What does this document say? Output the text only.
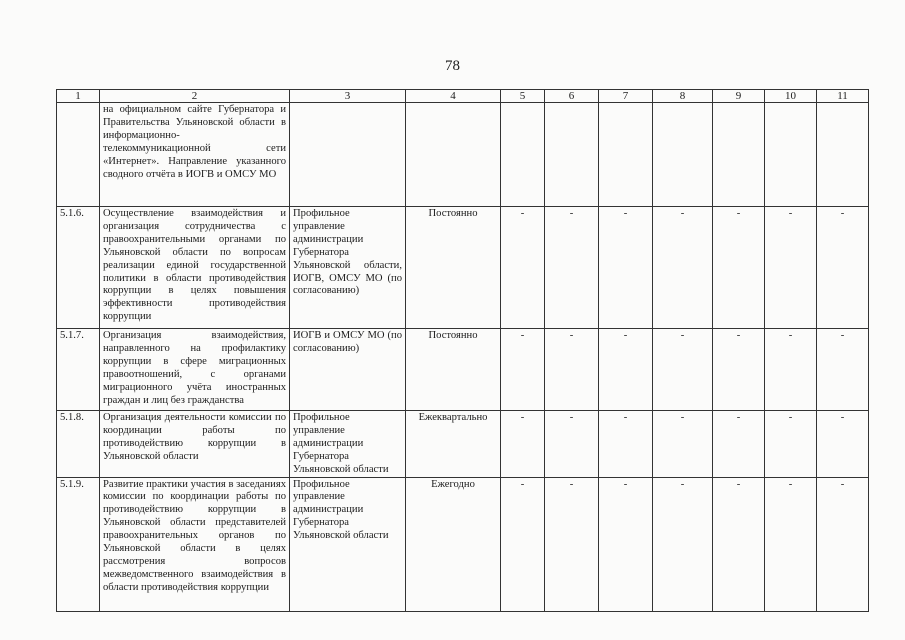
78
1	2	3	4	5	6	7	8	9	10	11
	на официальном сайте Губернатора и Правительства Ульяновской области в информационно-телекоммуникационной сети «Интернет». Направление указанного сводного отчёта в ИОГВ и ОМСУ МО									
5.1.6.	Осуществление взаимодействия и организация сотрудничества с правоохранительными органами по Ульяновской области по вопросам реализации единой государственной политики в области противодействия коррупции в целях повышения эффективности противодействия коррупции	Профильное управление администрации Губернатора Ульяновской области, ИОГВ, ОМСУ МО (по согласованию)	Постоянно	-	-	-	-	-	-	-
5.1.7.	Организация взаимодействия, направленного на профилактику коррупции в сфере миграционных правоотношений, с органами миграционного учёта иностранных граждан и лиц без гражданства	ИОГВ и ОМСУ МО (по согласованию)	Постоянно	-	-	-	-	-	-	-
5.1.8.	Организация деятельности комиссии по координации работы по противодействию коррупции в Ульяновской области	Профильное управление администрации Губернатора Ульяновской области	Ежеквартально	-	-	-	-	-	-	-
5.1.9.	Развитие практики участия в заседаниях комиссии по координации работы по противодействию коррупции в Ульяновской области представителей правоохранительных органов по Ульяновской области в целях рассмотрения вопросов межведомственного взаимодействия в области противодействия коррупции	Профильное управление администрации Губернатора Ульяновской области	Ежегодно	-	-	-	-	-	-	-
